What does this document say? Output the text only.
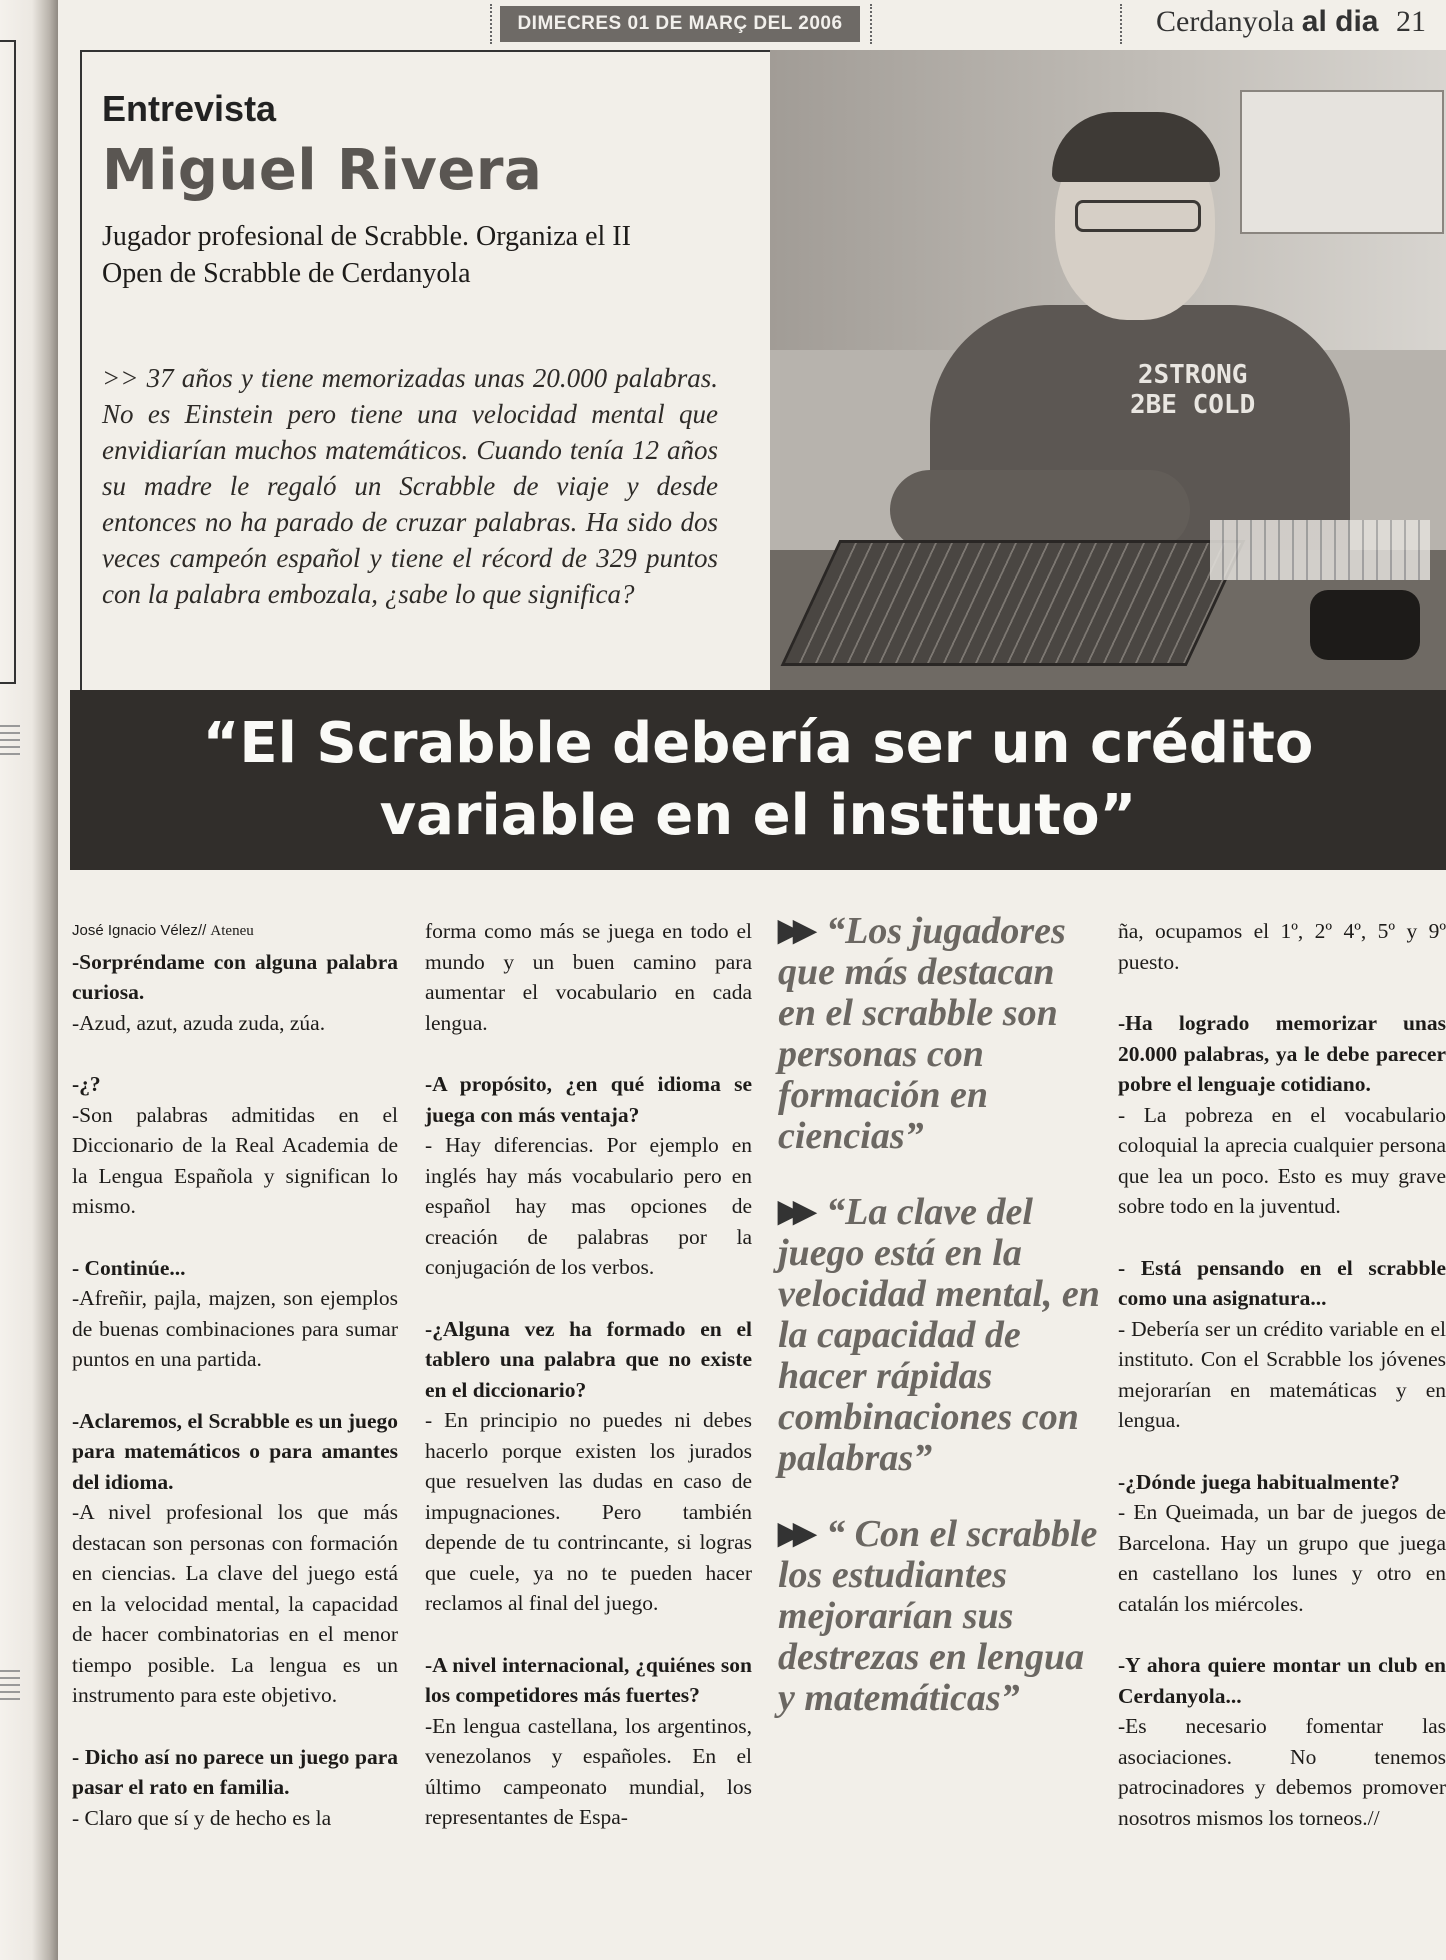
DIMECRES 01 DE MARÇ DEL 2006	Cerdanyola al dia 21
Entrevista
Miguel Rivera
Jugador profesional de Scrabble. Organiza el II Open de Scrabble de Cerdanyola
>> 37 años y tiene memorizadas unas 20.000 palabras. No es Einstein pero tiene una velocidad mental que envidiarían muchos matemáticos. Cuando tenía 12 años su madre le regaló un Scrabble de viaje y desde entonces no ha parado de cruzar palabras. Ha sido dos veces campeón español y tiene el récord de 329 puntos con la palabra embozala, ¿sabe lo que significa?
2STRONG
2BE COLD
“El Scrabble debería ser un crédito
variable en el instituto”

José Ignacio Vélez// Ateneu

-Sorpréndame con alguna palabra curiosa.
-Azud, azut, azuda zuda, zúa.

-¿?
-Son palabras admitidas en el Diccionario de la Real Academia de la Lengua Española y significan lo mismo.

- Continúe...
-Afreñir, pajla, majzen, son ejemplos de buenas combinaciones para sumar puntos en una partida.

-Aclaremos, el Scrabble es un juego para matemáticos o para amantes del idioma.
-A nivel profesional los que más destacan son personas con formación en ciencias. La clave del juego está en la velocidad mental, la capacidad de hacer combinatorias en el menor tiempo posible. La lengua es un instrumento para este objetivo.

- Dicho así no parece un juego para pasar el rato en familia.
- Claro que sí y de hecho es la

forma como más se juega en todo el mundo y un buen camino para aumentar el vocabulario en cada lengua.

-A propósito, ¿en qué idioma se juega con más ventaja?
- Hay diferencias. Por ejemplo en inglés hay más vocabulario pero en español hay mas opciones de creación de palabras por la conjugación de los verbos.

-¿Alguna vez ha formado en el tablero una palabra que no existe en el diccionario?
- En principio no puedes ni debes hacerlo porque existen los jurados que resuelven las dudas en caso de impugnaciones. Pero también depende de tu contrincante, si logras que cuele, ya no te pueden hacer reclamos al final del juego.

-A nivel internacional, ¿quiénes son los competidores más fuertes?
-En lengua castellana, los argentinos, venezolanos y españoles. En el último campeonato mundial, los representantes de Espa-

▶▶ “Los jugadores que más destacan en el scrabble son personas con formación en ciencias”
▶▶ “La clave del juego está en la velocidad mental, en la capacidad de hacer rápidas combinaciones con palabras”
▶▶ “ Con el scrabble los estudiantes mejorarían sus destrezas en lengua y matemáticas”

ña, ocupamos el 1º, 2º 4º, 5º y 9º puesto.

-Ha logrado memorizar unas 20.000 palabras, ya le debe parecer pobre el lenguaje cotidiano.
- La pobreza en el vocabulario coloquial la aprecia cualquier persona que lea un poco. Esto es muy grave sobre todo en la juventud.

- Está pensando en el scrabble como una asignatura...
- Debería ser un crédito variable en el instituto. Con el Scrabble los jóvenes mejorarían en matemáticas y en lengua.

-¿Dónde juega habitualmente?
- En Queimada, un bar de juegos de Barcelona. Hay un grupo que juega en castellano los lunes y otro en catalán los miércoles.

-Y ahora quiere montar un club en Cerdanyola...
-Es necesario fomentar las asociaciones. No tenemos patrocinadores y debemos promover nosotros mismos los torneos.//
